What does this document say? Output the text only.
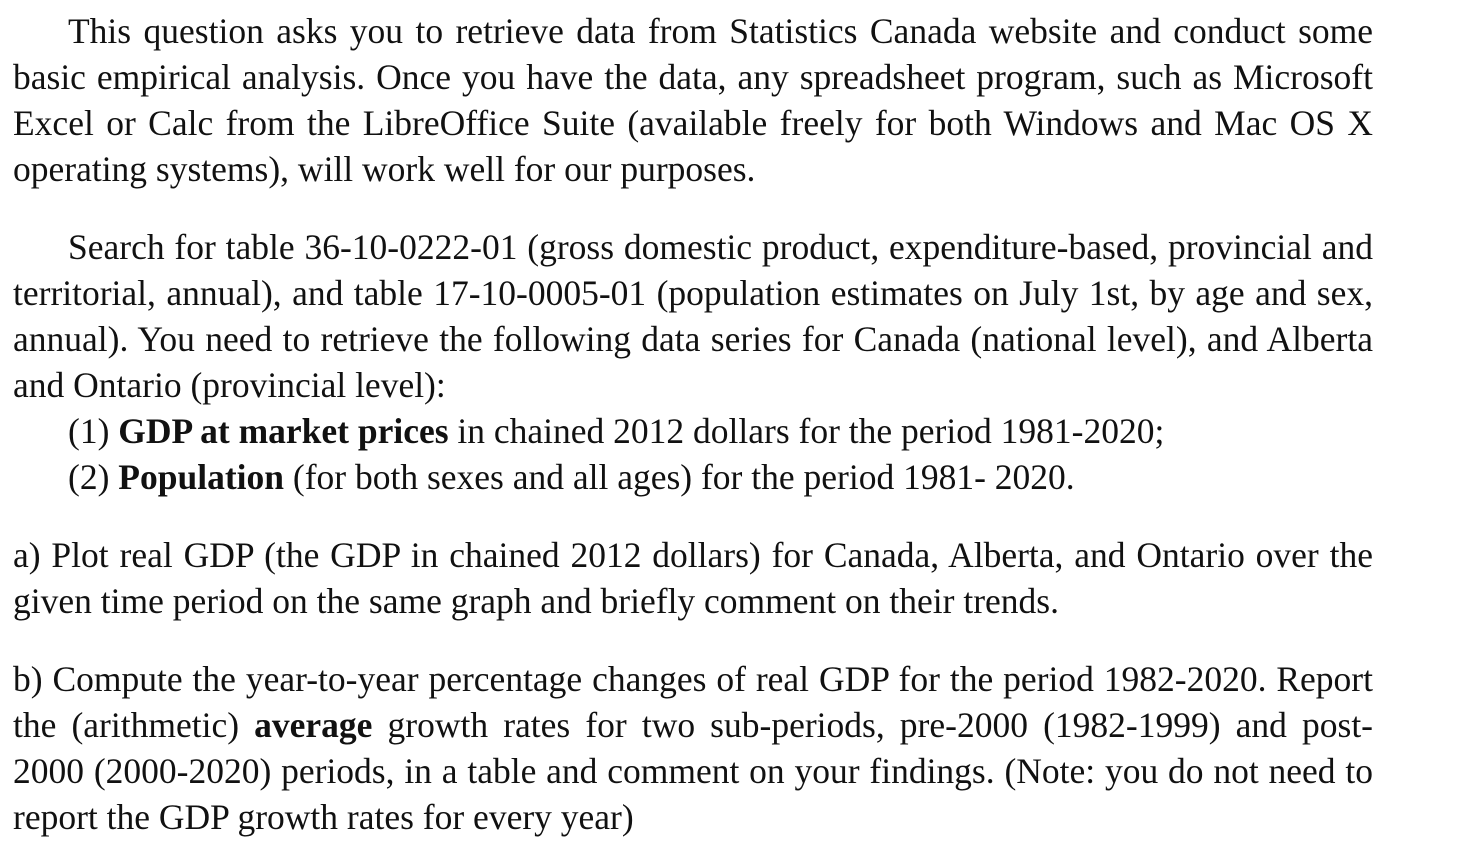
This question asks you to retrieve data from Statistics Canada website and conduct some basic empirical analysis. Once you have the data, any spreadsheet program, such as Microsoft Excel or Calc from the LibreOffice Suite (available freely for both Windows and Mac OS X operating systems), will work well for our purposes.

Search for table 36-10-0222-01 (gross domestic product, expenditure-based, provincial and territorial, annual), and table 17-10-0005-01 (population estimates on July 1st, by age and sex, annual). You need to retrieve the following data series for Canada (national level), and Alberta and Ontario (provincial level):

(1) GDP at market prices in chained 2012 dollars for the period 1981-2020;

(2) Population (for both sexes and all ages) for the period 1981- 2020.

a) Plot real GDP (the GDP in chained 2012 dollars) for Canada, Alberta, and Ontario over the given time period on the same graph and briefly comment on their trends.

b) Compute the year-to-year percentage changes of real GDP for the period 1982-2020. Report the (arithmetic) average growth rates for two sub-periods, pre-2000 (1982-1999) and post-2000 (2000-2020) periods, in a table and comment on your findings. (Note: you do not need to report the GDP growth rates for every year)
